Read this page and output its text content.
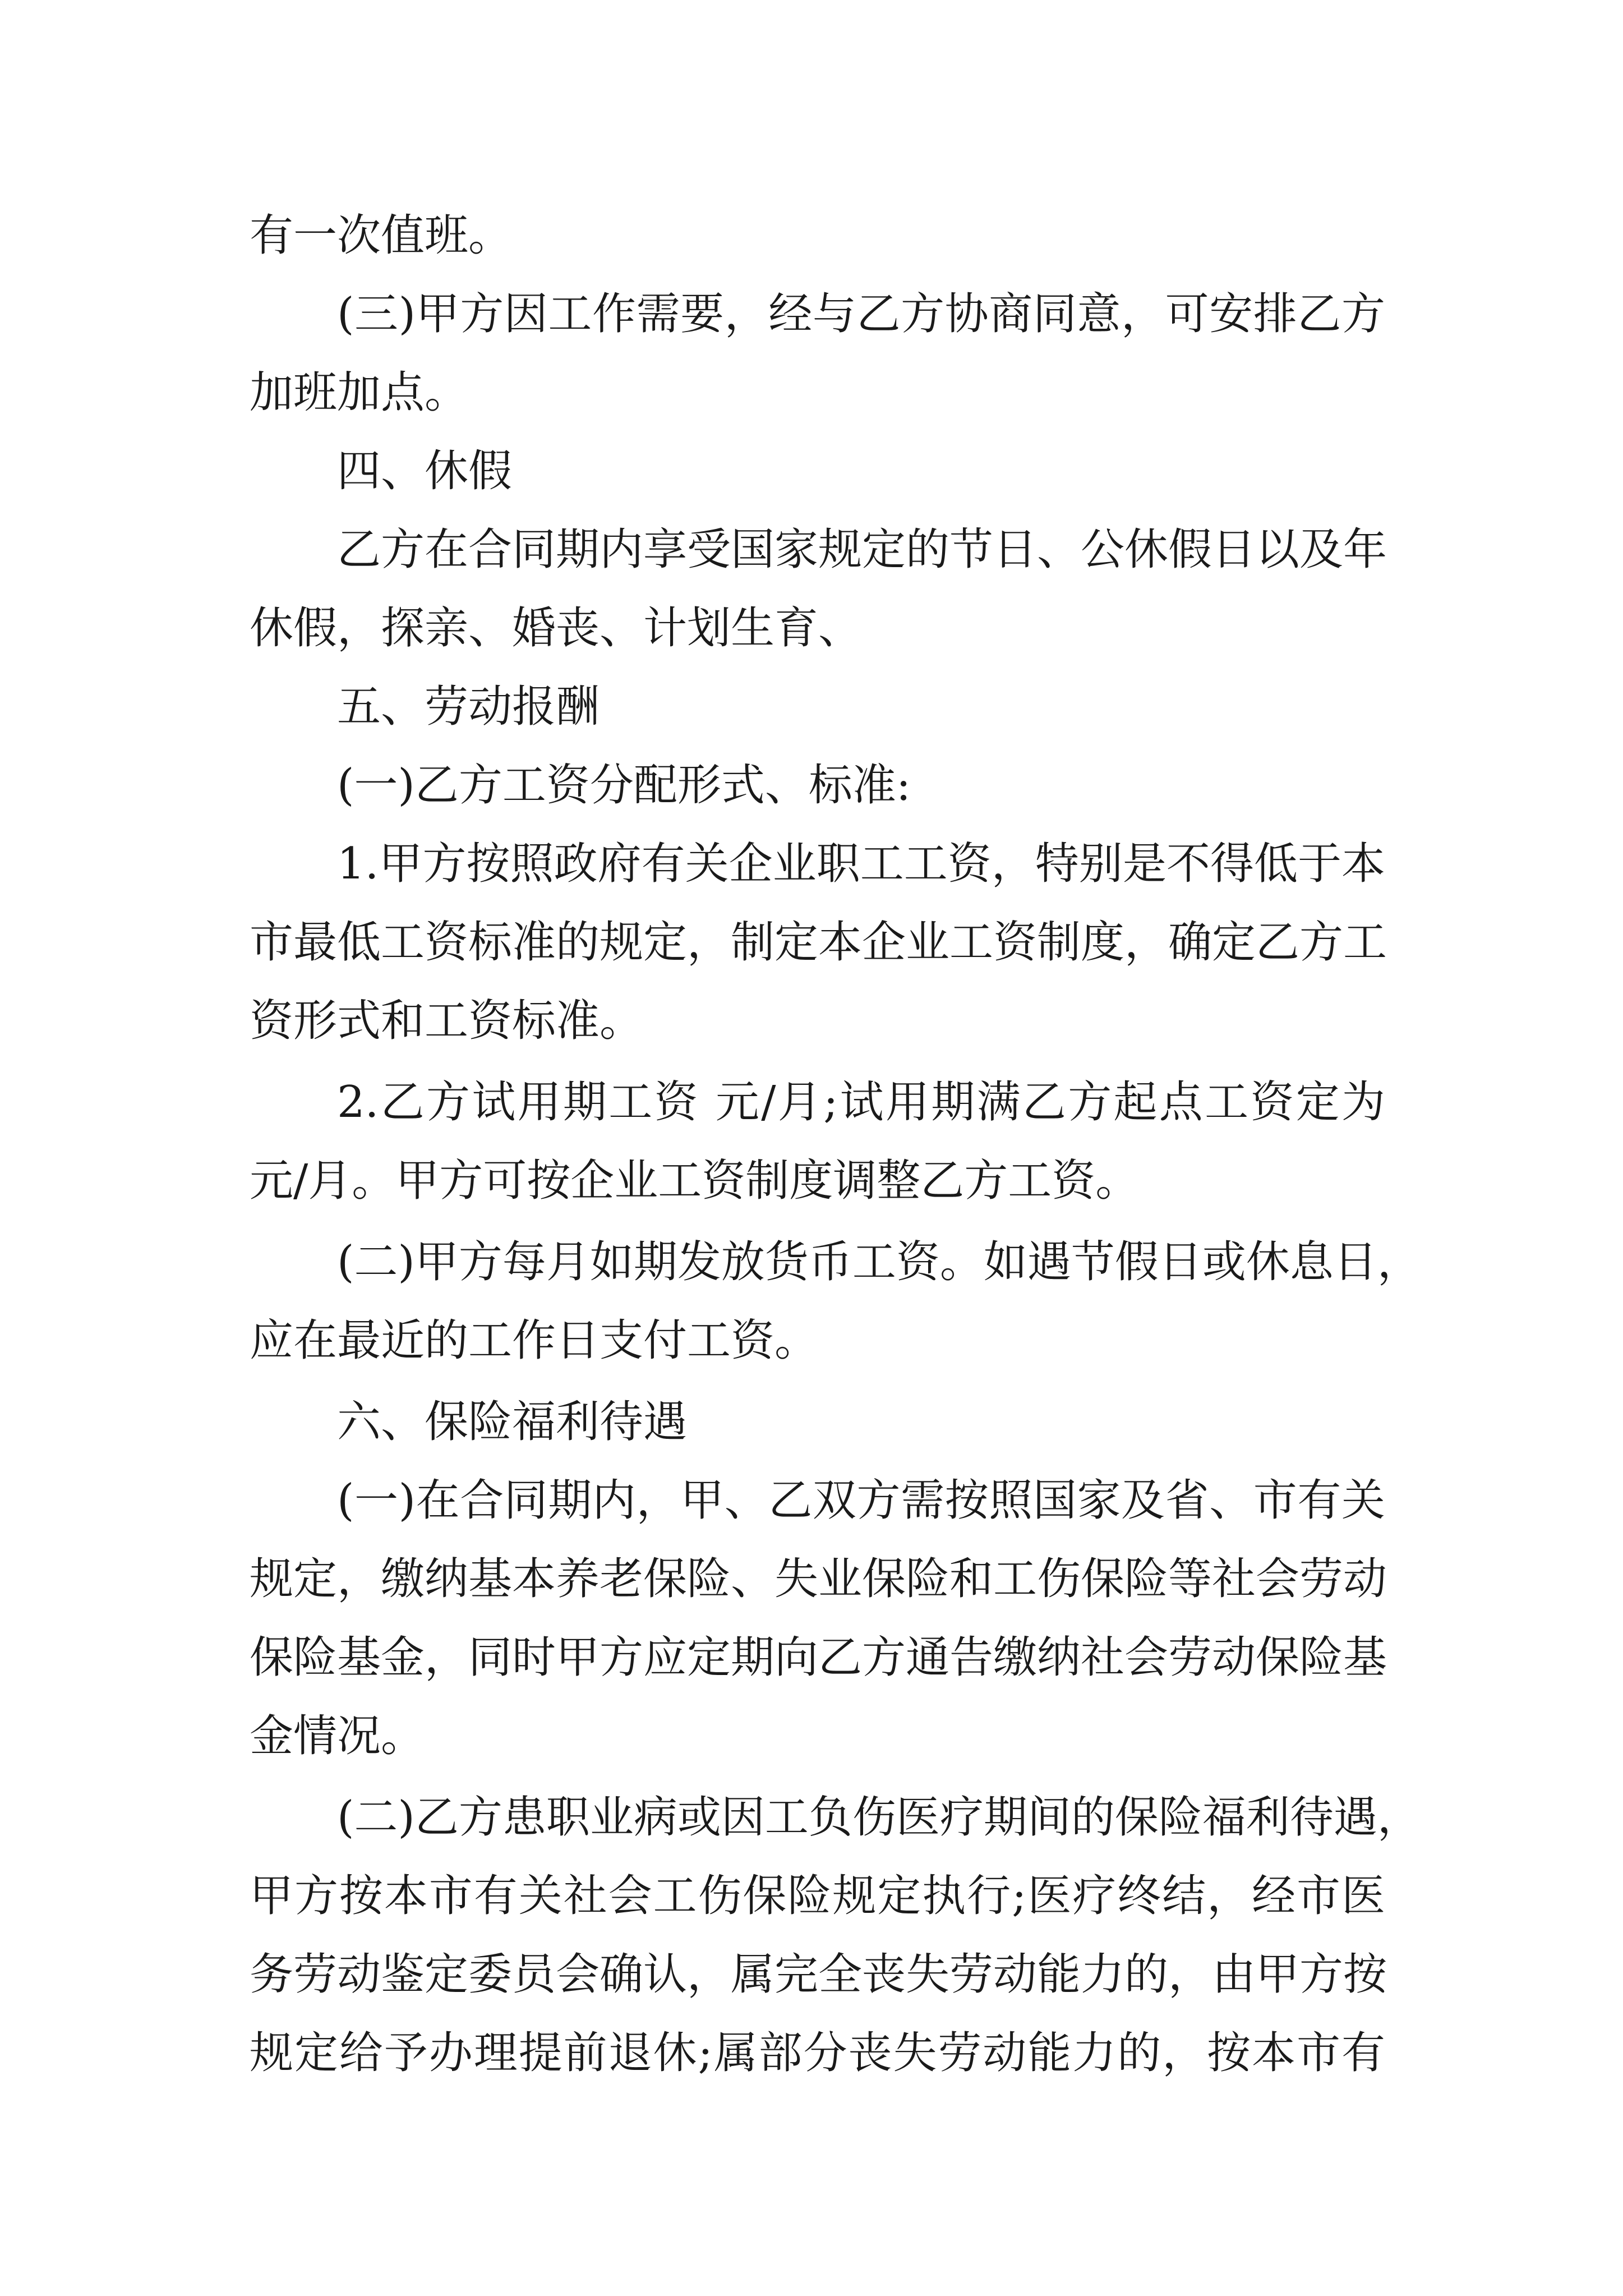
有一次值班。
(三)甲方因工作需要，经与乙方协商同意，可安排乙方
加班加点。
四、休假
乙方在合同期内享受国家规定的节日、公休假日以及年
休假，探亲、婚丧、计划生育、
五、劳动报酬
(一)乙方工资分配形式、标准:
1.甲方按照政府有关企业职工工资，特别是不得低于本
市最低工资标准的规定，制定本企业工资制度，确定乙方工
资形式和工资标准。
2.乙方试用期工资 元/月;试用期满乙方起点工资定为
元/月。甲方可按企业工资制度调整乙方工资。
(二)甲方每月如期发放货币工资。如遇节假日或休息日，
应在最近的工作日支付工资。
六、保险福利待遇
(一)在合同期内，甲、乙双方需按照国家及省、市有关
规定，缴纳基本养老保险、失业保险和工伤保险等社会劳动
保险基金，同时甲方应定期向乙方通告缴纳社会劳动保险基
金情况。
(二)乙方患职业病或因工负伤医疗期间的保险福利待遇，
甲方按本市有关社会工伤保险规定执行;医疗终结，经市医
务劳动鉴定委员会确认，属完全丧失劳动能力的，由甲方按
规定给予办理提前退休;属部分丧失劳动能力的，按本市有
